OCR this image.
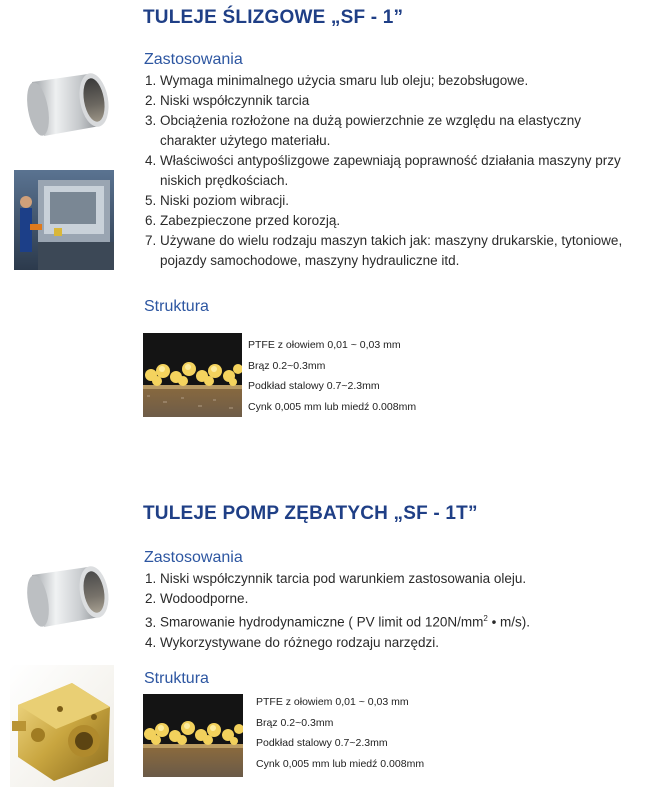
TULEJE ŚLIZGOWE „SF - 1”
Zastosowania
1. Wymaga minimalnego użycia smaru lub oleju; bezobsługowe.
2. Niski współczynnik tarcia
3. Obciążenia rozłożone na dużą powierzchnie ze względu na elastyczny
charakter użytego materiału.
4. Właściwości antypoślizgowe zapewniają poprawność działania maszyny przy
niskich prędkościach.
5. Niski poziom wibracji.
6. Zabezpieczone przed korozją.
7. Używane do wielu rodzaju maszyn takich jak: maszyny drukarskie, tytoniowe,
pojazdy samochodowe, maszyny hydrauliczne itd.
Struktura
PTFE z ołowiem 0,01 ~ 0,03 mm
Brąz 0.2~0.3mm
Podkład stalowy 0.7~2.3mm
Cynk 0,005 mm lub miedź 0.008mm
TULEJE POMP ZĘBATYCH „SF - 1T”
Zastosowania
1. Niski współczynnik tarcia pod warunkiem zastosowania oleju.
2. Wodoodporne.
3. Smarowanie hydrodynamiczne ( PV limit od $120N/mm^2$ • m/s).
4. Wykorzystywane do różnego rodzaju narzędzi.
Struktura
PTFE z ołowiem 0,01 ~ 0,03 mm
Brąz 0.2~0.3mm
Podkład stalowy 0.7~2.3mm
Cynk 0,005 mm lub miedź 0.008mm
